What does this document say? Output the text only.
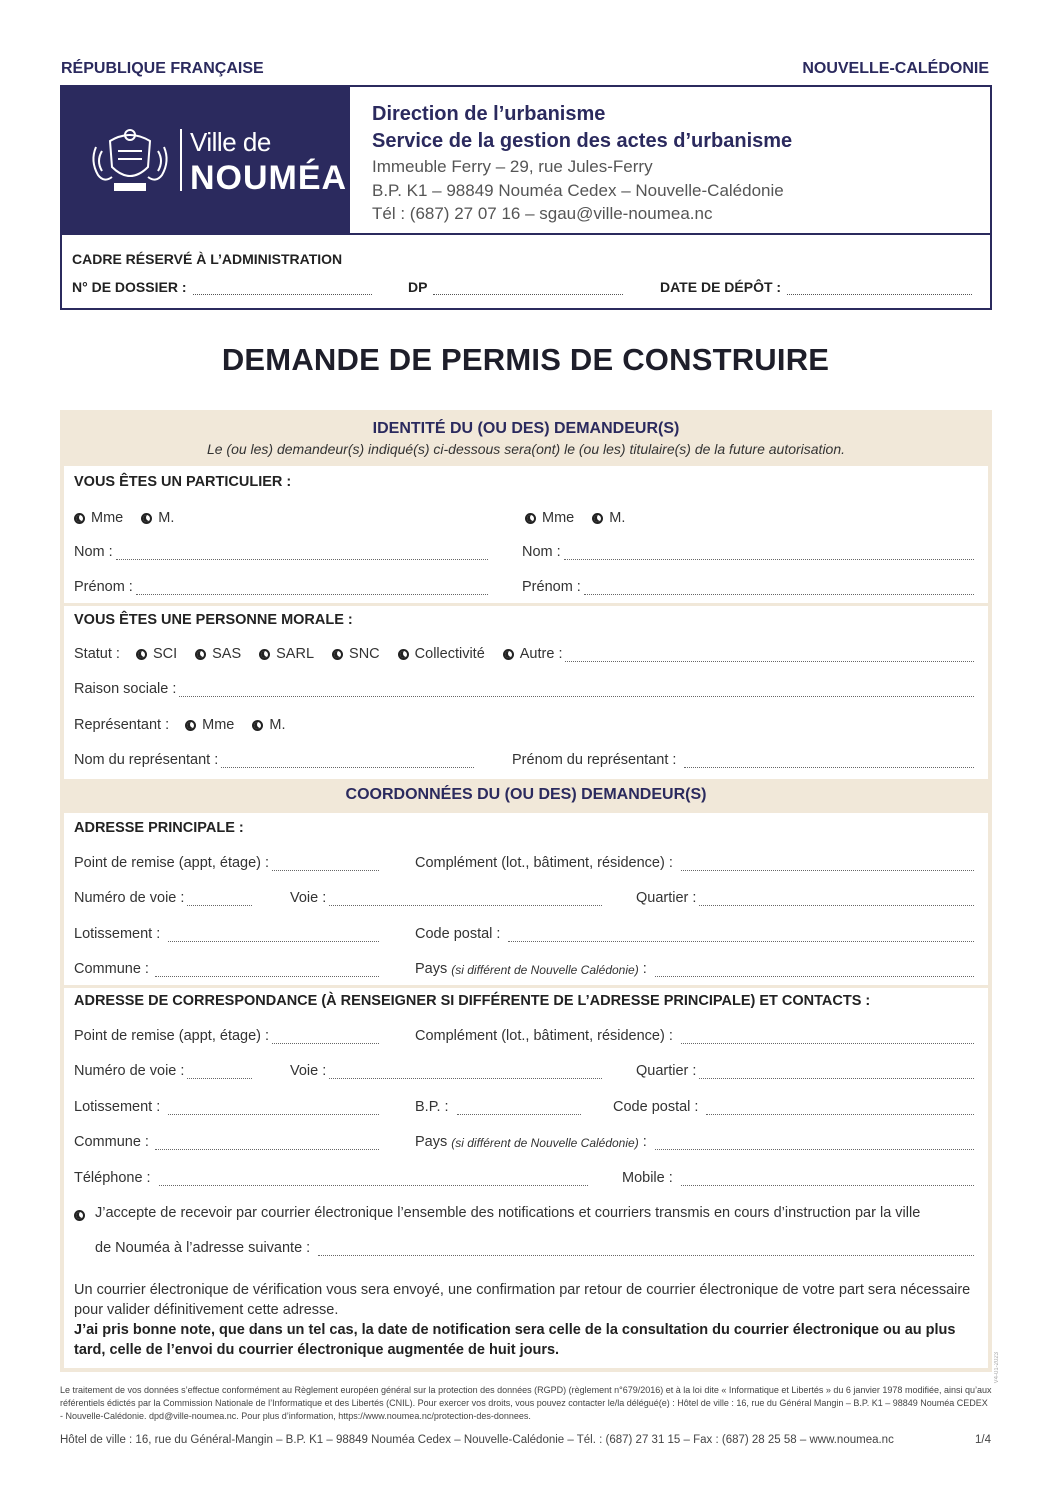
RÉPUBLIQUE FRANÇAISE	NOUVELLE-CALÉDONIE
Ville de
NOUMÉA
Direction de l’urbanisme
Service de la gestion des actes d’urbanisme
Immeuble Ferry – 29, rue Jules-Ferry
B.P. K1 – 98849 Nouméa Cedex – Nouvelle-Calédonie
Tél : (687) 27 07 16 – sgau@ville-noumea.nc
CADRE RÉSERVÉ À L’ADMINISTRATION
N° DE DOSSIER :	DP	DATE DE DÉPÔT :
DEMANDE DE PERMIS DE CONSTRUIRE
IDENTITÉ DU (OU DES) DEMANDEUR(S)
Le (ou les) demandeur(s) indiqué(s) ci-dessous sera(ont) le (ou les) titulaire(s) de la future autorisation.
VOUS ÊTES UN PARTICULIER :
Mme M.	Mme M.
Nom :	Nom :
Prénom :	Prénom :
VOUS ÊTES UNE PERSONNE MORALE :
Statut : SCI SAS SARL SNC Collectivité Autre :
Raison sociale :
Représentant : Mme M.
Nom du représentant :	Prénom du représentant :
COORDONNÉES DU (OU DES) DEMANDEUR(S)
ADRESSE PRINCIPALE :
Point de remise (appt, étage) :	Complément (lot., bâtiment, résidence) :
Numéro de voie :	Voie :	Quartier :
Lotissement :	Code postal :
Commune :	Pays (si différent de Nouvelle Calédonie) :
ADRESSE DE CORRESPONDANCE (À RENSEIGNER SI DIFFÉRENTE DE L’ADRESSE PRINCIPALE) ET CONTACTS :
Point de remise (appt, étage) :	Complément (lot., bâtiment, résidence) :
Numéro de voie :	Voie :	Quartier :
Lotissement :	B.P. :	Code postal :
Commune :	Pays (si différent de Nouvelle Calédonie) :
Téléphone :	Mobile :
J’accepte de recevoir par courrier électronique l’ensemble des notifications et courriers transmis en cours d’instruction par la ville
de Nouméa à l’adresse suivante :
Un courrier électronique de vérification vous sera envoyé, une confirmation par retour de courrier électronique de votre part sera nécessaire pour valider définitivement cette adresse.
J’ai pris bonne note, que dans un tel cas, la date de notification sera celle de la consultation du courrier électronique ou au plus tard, celle de l’envoi du courrier électronique augmentée de huit jours.
V4-01-2023
Le traitement de vos données s’effectue conformément au Règlement européen général sur la protection des données (RGPD) (règlement n°679/2016) et à la loi dite « Informatique et Libertés » du 6 janvier 1978 modifiée, ainsi qu’aux référentiels édictés par la Commission Nationale de l’Informatique et des Libertés (CNIL). Pour exercer vos droits, vous pouvez contacter le/la délégué(e) : Hôtel de ville : 16, rue du Général Mangin – B.P. K1 – 98849 Nouméa CEDEX - Nouvelle-Calédonie. dpd@ville-noumea.nc. Pour plus d’information, https://www.noumea.nc/protection-des-donnees.
Hôtel de ville : 16, rue du Général-Mangin – B.P. K1 – 98849 Nouméa Cedex – Nouvelle-Calédonie – Tél. : (687) 27 31 15 – Fax : (687) 28 25 58 – www.noumea.nc	1/4
